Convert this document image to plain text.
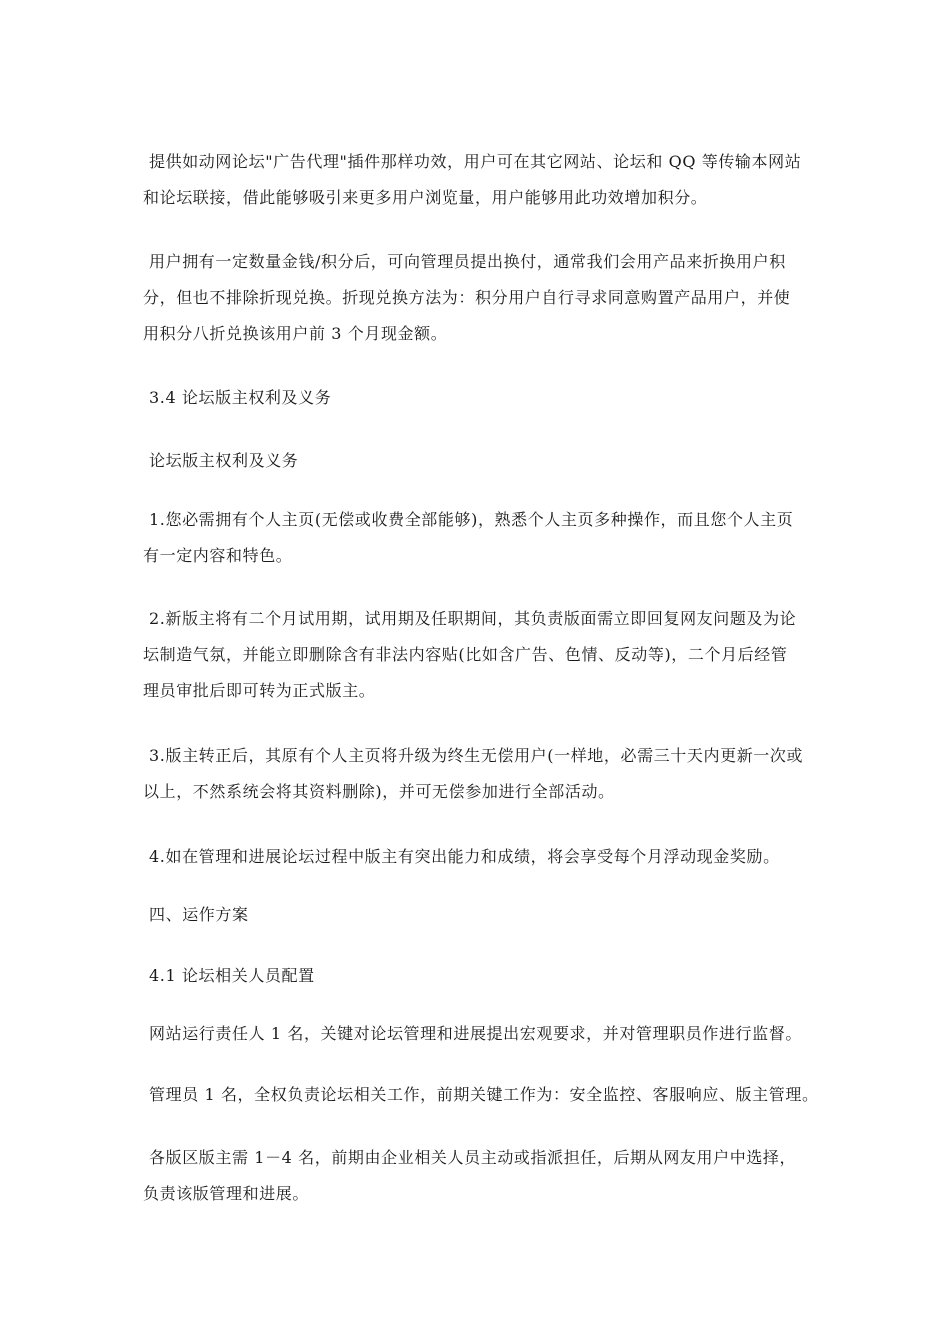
提供如动网论坛"广告代理"插件那样功效，用户可在其它网站、论坛和 QQ 等传输本网站
和论坛联接，借此能够吸引来更多用户浏览量，用户能够用此功效增加积分。

用户拥有一定数量金钱/积分后，可向管理员提出换付，通常我们会用产品来折换用户积
分，但也不排除折现兑换。折现兑换方法为：积分用户自行寻求同意购置产品用户，并使
用积分八折兑换该用户前 3 个月现金额。

3.4 论坛版主权利及义务

论坛版主权利及义务

1.您必需拥有个人主页(无偿或收费全部能够)，熟悉个人主页多种操作，而且您个人主页
有一定内容和特色。

2.新版主将有二个月试用期，试用期及任职期间，其负责版面需立即回复网友问题及为论
坛制造气氛，并能立即删除含有非法内容贴(比如含广告、色情、反动等)，二个月后经管
理员审批后即可转为正式版主。

3.版主转正后，其原有个人主页将升级为终生无偿用户(一样地，必需三十天内更新一次或
以上，不然系统会将其资料删除)，并可无偿参加进行全部活动。

4.如在管理和进展论坛过程中版主有突出能力和成绩，将会享受每个月浮动现金奖励。

四、运作方案

4.1 论坛相关人员配置

网站运行责任人 1 名，关键对论坛管理和进展提出宏观要求，并对管理职员作进行监督。

管理员 1 名，全权负责论坛相关工作，前期关键工作为：安全监控、客服响应、版主管理。

各版区版主需 1－4 名，前期由企业相关人员主动或指派担任，后期从网友用户中选择，
负责该版管理和进展。
